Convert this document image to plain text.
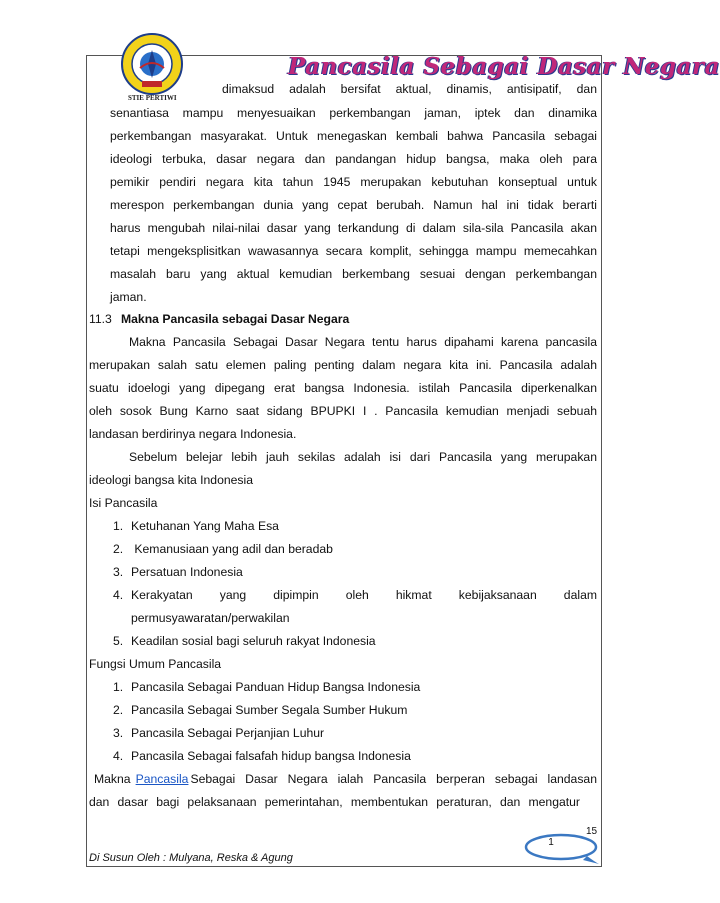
STIE PERTIWI
Pancasila Sebagai Dasar Negara
dimaksud adalah bersifat aktual, dinamis, antisipatif, dan
senantiasa mampu menyesuaikan perkembangan jaman, iptek dan dinamika
perkembangan masyarakat. Untuk menegaskan kembali bahwa Pancasila sebagai
ideologi terbuka, dasar negara dan pandangan hidup bangsa, maka oleh para
pemikir pendiri negara kita tahun 1945 merupakan kebutuhan konseptual untuk
merespon perkembangan dunia yang cepat berubah. Namun hal ini tidak berarti
harus mengubah nilai-nilai dasar yang terkandung di dalam sila-sila Pancasila akan
tetapi mengeksplisitkan wawasannya secara komplit, sehingga mampu memecahkan
masalah baru yang aktual kemudian berkembang sesuai dengan perkembangan
jaman.
11.3 Makna Pancasila sebagai Dasar Negara
Makna Pancasila Sebagai Dasar Negara tentu harus dipahami karena pancasila
merupakan salah satu elemen paling penting dalam negara kita ini. Pancasila adalah
suatu idoelogi yang dipegang erat bangsa Indonesia. istilah Pancasila diperkenalkan
oleh sosok Bung Karno saat sidang BPUPKI I . Pancasila kemudian menjadi sebuah
landasan berdirinya negara Indonesia.
Sebelum belejar lebih jauh sekilas adalah isi dari Pancasila yang merupakan
ideologi bangsa kita Indonesia
Isi Pancasila
1. Ketuhanan Yang Maha Esa
2. Kemanusiaan yang adil dan beradab
3. Persatuan Indonesia
4. Kerakyatan yang dipimpin oleh hikmat kebijaksanaan dalam
permusyawaratan/perwakilan
5. Keadilan sosial bagi seluruh rakyat Indonesia
Fungsi Umum Pancasila
1. Pancasila Sebagai Panduan Hidup Bangsa Indonesia
2. Pancasila Sebagai Sumber Segala Sumber Hukum
3. Pancasila Sebagai Perjanjian Luhur
4. Pancasila Sebagai falsafah hidup bangsa Indonesia
Makna Pancasila Sebagai Dasar Negara ialah Pancasila berperan sebagai landasan
dan dasar bagi pelaksanaan pemerintahan, membentukan peraturan, dan mengatur
15
Di Susun Oleh : Mulyana, Reska & Agung
1
